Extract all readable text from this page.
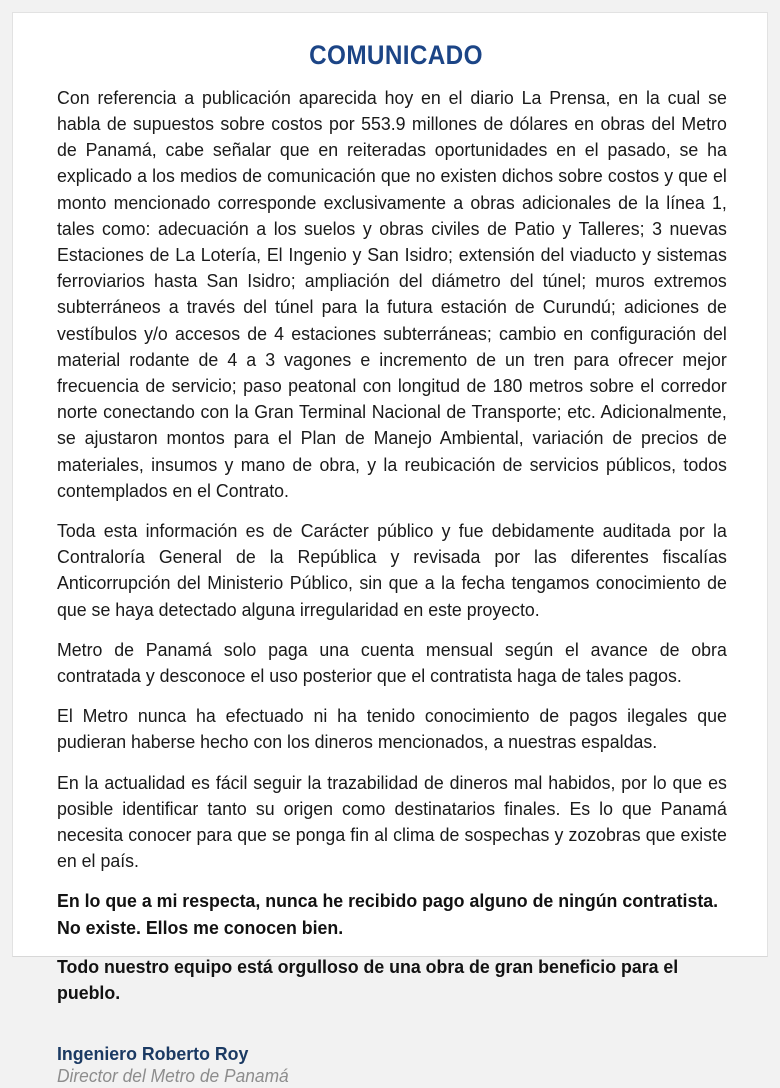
COMUNICADO

Con referencia a publicación aparecida hoy en el diario La Prensa, en la cual se habla de supuestos sobre costos por 553.9 millones de dólares en obras del Metro de Panamá, cabe señalar que en reiteradas oportunidades en el pasado, se ha explicado a los medios de comunicación que no existen dichos sobre costos y que el monto mencionado corresponde exclusivamente a obras adicionales de la línea 1, tales como: adecuación a los suelos y obras civiles de Patio y Talleres; 3 nuevas Estaciones de La Lotería, El Ingenio y San Isidro; extensión del viaducto y sistemas ferroviarios hasta San Isidro; ampliación del diámetro del túnel; muros extremos subterráneos a través del túnel para la futura estación de Curundú; adiciones de vestíbulos y/o accesos de 4 estaciones subterráneas; cambio en configuración del material rodante de 4 a 3 vagones e incremento de un tren para ofrecer mejor frecuencia de servicio; paso peatonal con longitud de 180 metros sobre el corredor norte conectando con la Gran Terminal Nacional de Transporte; etc. Adicionalmente, se ajustaron montos para el Plan de Manejo Ambiental, variación de precios de materiales, insumos y mano de obra, y la reubicación de servicios públicos, todos contemplados en el Contrato.

Toda esta información es de Carácter público y fue debidamente auditada por la Contraloría General de la República y revisada por las diferentes fiscalías Anticorrupción del Ministerio Público, sin que a la fecha tengamos conocimiento de que se haya detectado alguna irregularidad en este proyecto.

Metro de Panamá solo paga una cuenta mensual según el avance de obra contratada y desconoce el uso posterior que el contratista haga de tales pagos.

El Metro nunca ha efectuado ni ha tenido conocimiento de pagos ilegales que pudieran haberse hecho con los dineros mencionados, a nuestras espaldas.

En la actualidad es fácil seguir la trazabilidad de dineros mal habidos, por lo que es posible identificar tanto su origen como destinatarios finales. Es lo que Panamá necesita conocer para que se ponga fin al clima de sospechas y zozobras que existe en el país.

En lo que a mi respecta, nunca he recibido pago alguno de ningún contratista. No existe. Ellos me conocen bien.

Todo nuestro equipo está orgulloso de una obra de gran beneficio para el pueblo.

Ingeniero Roberto Roy
Director del Metro de Panamá
